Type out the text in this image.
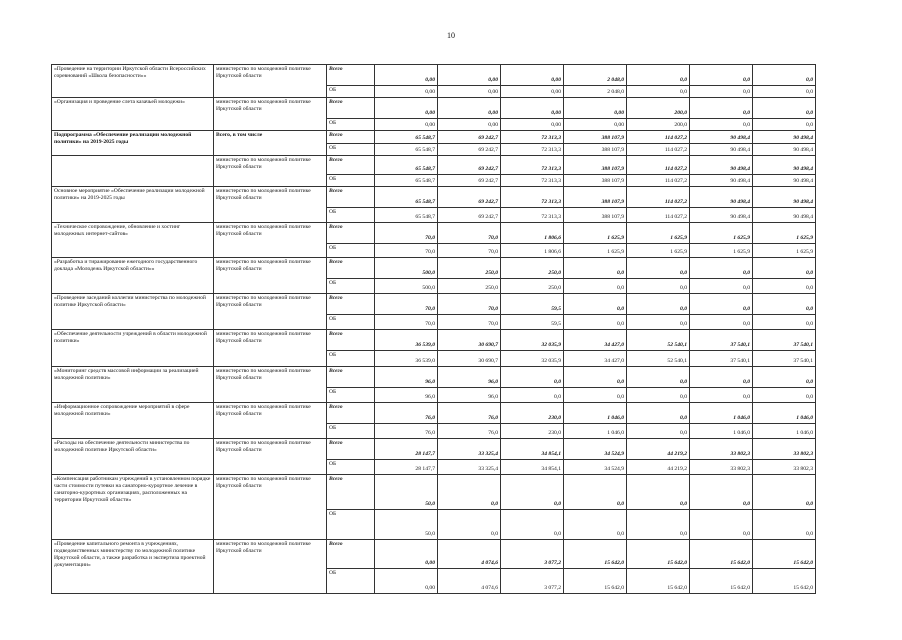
10
«Проведение на территории Иркутской области Всероссийских соревнований «Школа безопасности»»	министерство по молодежной политике Иркутской области	Всего	0,00	0,00	0,00	2 048,0	0,0	0,0	0,0
		ОБ	0,00	0,00	0,00	2 048,0	0,0	0,0	0,0
«Организация и проведение слета казачьей молодежи»	министерство по молодежной политике Иркутской области	Всего	0,00	0,00	0,00	0,00	200,0	0,0	0,0
		ОБ	0,00	0,00	0,00	0,00	200,0	0,0	0,0
Подпрограмма «Обеспечение реализации молодежной политики» на 2019-2025 годы	Всего, в том числе	Всего	65 548,7	69 242,7	72 313,3	388 107,9	114 027,2	90 498,4	90 498,4
		ОБ	65 548,7	69 242,7	72 313,3	388 107,9	114 027,2	90 498,4	90 498,4
	министерство по молодежной политике Иркутской области	Всего	65 548,7	69 242,7	72 313,3	388 107,9	114 027,2	90 498,4	90 498,4
		ОБ	65 548,7	69 242,7	72 313,3	388 107,9	114 027,2	90 498,4	90 498,4
Основное мероприятие «Обеспечение реализации молодежной политики» на 2019-2025 годы	министерство по молодежной политике Иркутской области	Всего	65 548,7	69 242,7	72 313,3	388 107,9	114 027,2	90 498,4	90 498,4
		ОБ	65 548,7	69 242,7	72 313,3	388 107,9	114 027,2	90 498,4	90 498,4
«Техническое сопровождение, обновление и хостинг молодежных интернет-сайтов»	министерство по молодежной политике Иркутской области	Всего	70,0	70,0	1 806,6	1 625,9	1 625,9	1 625,9	1 625,9
		ОБ	70,0	70,0	1 806,6	1 625,9	1 625,9	1 625,9	1 625,9
«Разработка и тиражирование ежегодного государственного доклада «Молодежь Иркутской области»»	министерство по молодежной политике Иркутской области	Всего	500,0	250,0	250,0	0,0	0,0	0,0	0,0
		ОБ	500,0	250,0	250,0	0,0	0,0	0,0	0,0
«Проведение заседаний коллегии министерства по молодежной политике Иркутской области»	министерство по молодежной политике Иркутской области	Всего	70,0	70,0	59,5	0,0	0,0	0,0	0,0
		ОБ	70,0	70,0	59,5	0,0	0,0	0,0	0,0
«Обеспечение деятельности учреждений в области молодежной политики»	министерство по молодежной политике Иркутской области	Всего	36 539,0	30 690,7	32 035,9	34 427,0	52 540,1	37 540,1	37 540,1
		ОБ	36 539,0	30 690,7	32 035,9	34 427,0	52 540,1	37 540,1	37 540,1
«Мониторинг средств массовой информации за реализацией молодежной политики»	министерство по молодежной политике Иркутской области	Всего	96,0	96,0	0,0	0,0	0,0	0,0	0,0
		ОБ	96,0	96,0	0,0	0,0	0,0	0,0	0,0
«Информационное сопровождение мероприятий в сфере молодежной политики»	министерство по молодежной политике Иркутской области	Всего	76,0	76,0	230,0	1 046,0	0,0	1 046,0	1 046,0
		ОБ	76,0	76,0	230,0	1 046,0	0,0	1 046,0	1 046,0
«Расходы на обеспечение деятельности министерства по молодежной политике Иркутской области»	министерство по молодежной политике Иркутской области	Всего	28 147,7	33 325,4	34 854,1	34 524,9	44 219,2	33 802,3	33 802,3
		ОБ	28 147,7	33 325,4	34 854,1	34 524,9	44 219,2	33 802,3	33 802,3
«Компенсация работникам учреждений в установленном порядке части стоимости путевки на санаторно-курортное лечение в санаторно-курортных организациях, расположенных на территории Иркутской области»	министерство по молодежной политике Иркутской области	Всего	50,0	0,0	0,0	0,0	0,0	0,0	0,0
		ОБ	50,0	0,0	0,0	0,0	0,0	0,0	0,0
«Проведение капитального ремонта в учреждениях, подведомственных министерству по молодежной политике Иркутской области, а также разработка и экспертиза проектной документации»	министерство по молодежной политике Иркутской области	Всего	0,00	4 074,6	3 077,2	15 642,0	15 642,0	15 642,0	15 642,0
		ОБ	0,00	4 074,6	3 077,2	15 642,0	15 642,0	15 642,0	15 642,0
